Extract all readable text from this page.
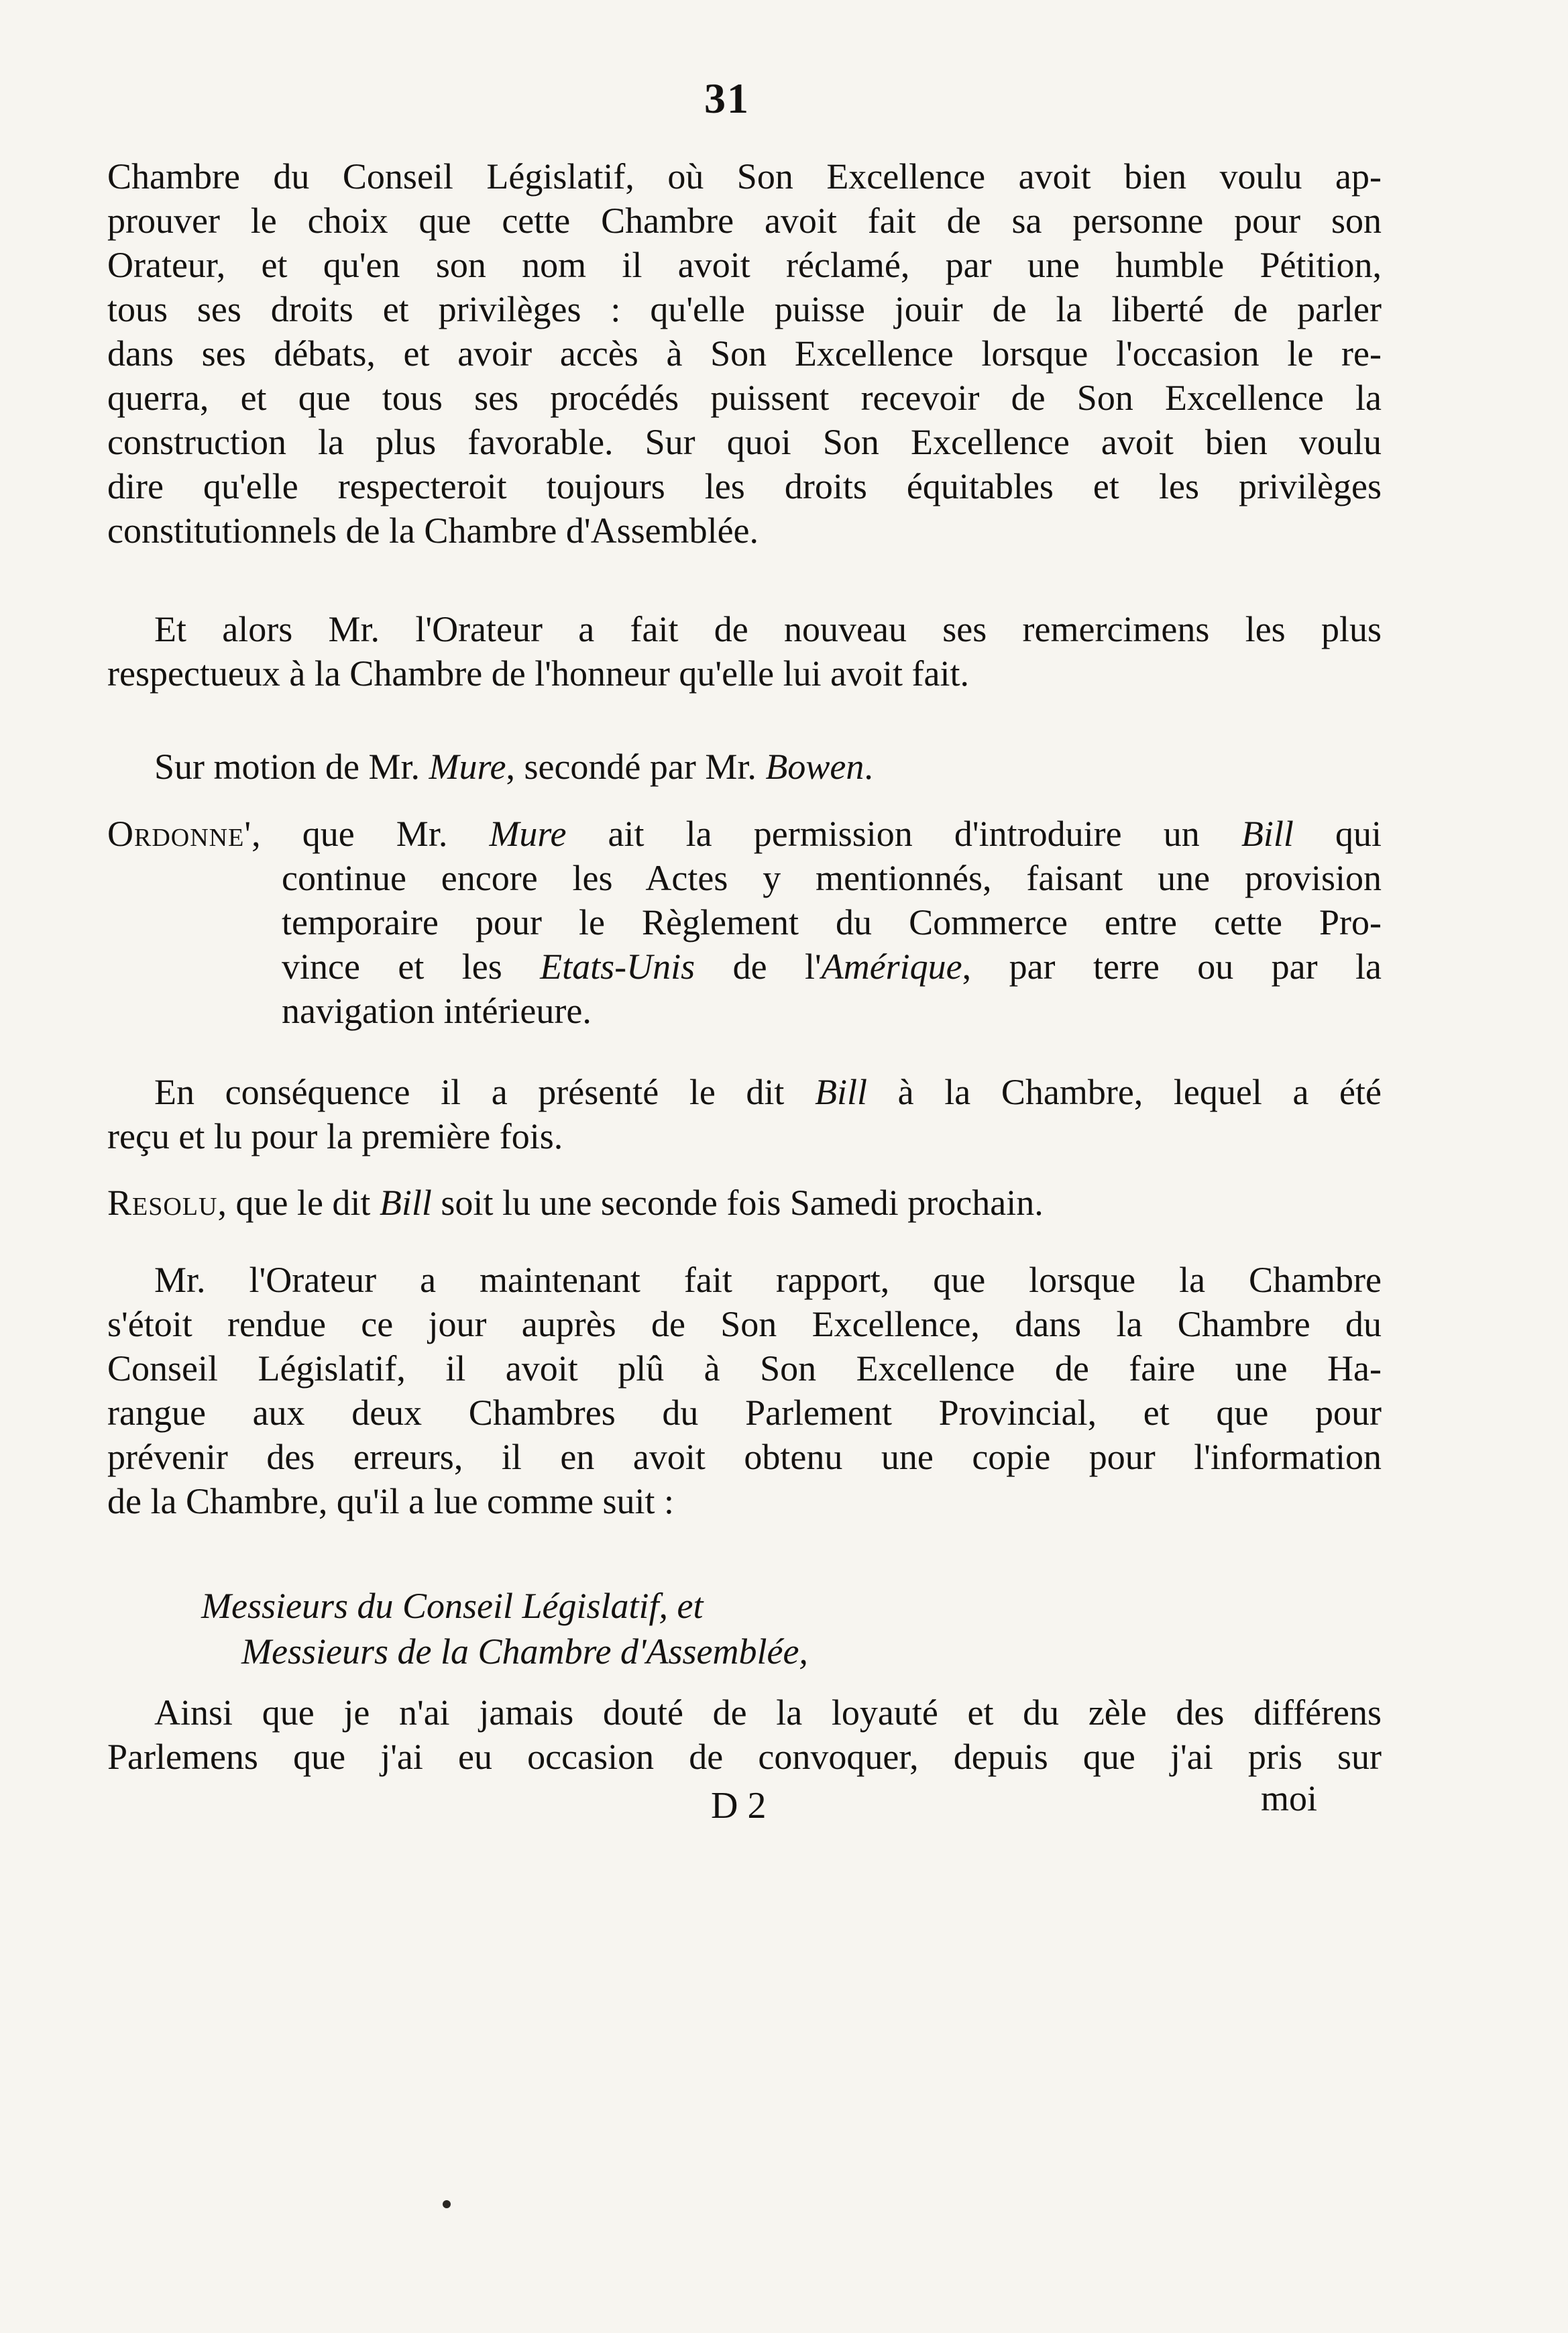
31
Chambre du Conseil Législatif, où Son Excellence avoit bien voulu ap-
prouver le choix que cette Chambre avoit fait de sa personne pour son
Orateur, et qu'en son nom il avoit réclamé, par une humble Pétition,
tous ses droits et privilèges : qu'elle puisse jouir de la liberté de parler
dans ses débats, et avoir accès à Son Excellence lorsque l'occasion le re-
querra, et que tous ses procédés puissent recevoir de Son Excellence la
construction la plus favorable. Sur quoi Son Excellence avoit bien voulu
dire qu'elle respecteroit toujours les droits équitables et les privilèges
constitutionnels de la Chambre d'Assemblée.
Et alors Mr. l'Orateur a fait de nouveau ses remercimens les plus
respectueux à la Chambre de l'honneur qu'elle lui avoit fait.
Sur motion de Mr. Mure, secondé par Mr. Bowen.
Ordonne', que Mr. Mure ait la permission d'introduire un Bill qui
continue encore les Actes y mentionnés, faisant une provision
temporaire pour le Règlement du Commerce entre cette Pro-
vince et les Etats-Unis de l'Amérique, par terre ou par la
navigation intérieure.
En conséquence il a présenté le dit Bill à la Chambre, lequel a été
reçu et lu pour la première fois.
Resolu, que le dit Bill soit lu une seconde fois Samedi prochain.
Mr. l'Orateur a maintenant fait rapport, que lorsque la Chambre
s'étoit rendue ce jour auprès de Son Excellence, dans la Chambre du
Conseil Législatif, il avoit plû à Son Excellence de faire une Ha-
rangue aux deux Chambres du Parlement Provincial, et que pour
prévenir des erreurs, il en avoit obtenu une copie pour l'information
de la Chambre, qu'il a lue comme suit :
Messieurs du Conseil Législatif, et
Messieurs de la Chambre d'Assemblée,
Ainsi que je n'ai jamais douté de la loyauté et du zèle des différens
Parlemens que j'ai eu occasion de convoquer, depuis que j'ai pris sur
D 2	moi
